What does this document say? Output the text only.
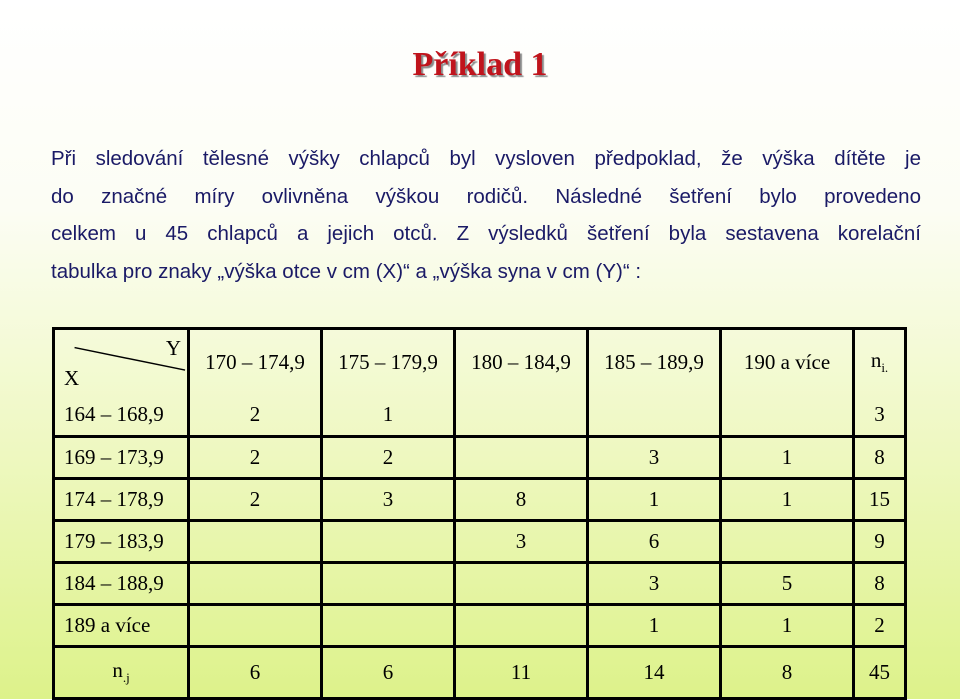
Příklad 1
Při sledování tělesné výšky chlapců byl vysloven předpoklad, že výška dítěte je
do značné míry ovlivněna výškou rodičů. Následné šetření bylo provedeno
celkem u 45 chlapců a jejich otců. Z výsledků šetření byla sestavena korelační
tabulka pro znaky „výška otce v cm (X)“ a „výška syna v cm (Y)“ :
Y
X	170 – 174,9	175 – 179,9	180 – 184,9	185 – 189,9	190 a více	$n_{i.}$
164 – 168,9	2	1				3
169 – 173,9	2	2		3	1	8
174 – 178,9	2	3	8	1	1	15
179 – 183,9			3	6		9
184 – 188,9				3	5	8
189 a více				1	1	2
$n_{.j}$	6	6	11	14	8	45
